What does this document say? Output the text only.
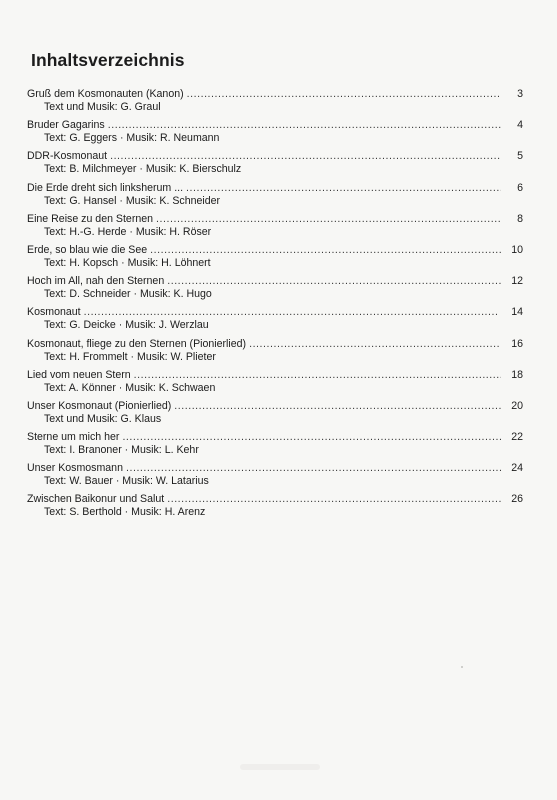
Inhaltsverzeichnis
Gruß dem Kosmonauten (Kanon) . . .	3
Text und Musik: G. Graul
Bruder Gagarins . . .	4
Text: G. Eggers · Musik: R. Neumann
DDR-Kosmonaut . . .	5
Text: B. Milchmeyer · Musik: K. Bierschulz
Die Erde dreht sich linksherum ... . . .	6
Text: G. Hansel · Musik: K. Schneider
Eine Reise zu den Sternen . . .	8
Text: H.-G. Herde · Musik: H. Röser
Erde, so blau wie die See . . .	10
Text: H. Kopsch · Musik: H. Löhnert
Hoch im All, nah den Sternen . . .	12
Text: D. Schneider · Musik: K. Hugo
Kosmonaut . . .	14
Text: G. Deicke · Musik: J. Werzlau
Kosmonaut, fliege zu den Sternen (Pionierlied) . . .	16
Text: H. Frommelt · Musik: W. Plieter
Lied vom neuen Stern . . .	18
Text: A. Könner · Musik: K. Schwaen
Unser Kosmonaut (Pionierlied) . . .	20
Text und Musik: G. Klaus
Sterne um mich her . . .	22
Text: I. Branoner · Musik: L. Kehr
Unser Kosmosmann . . .	24
Text: W. Bauer · Musik: W. Latarius
Zwischen Baikonur und Salut . . .	26
Text: S. Berthold · Musik: H. Arenz
